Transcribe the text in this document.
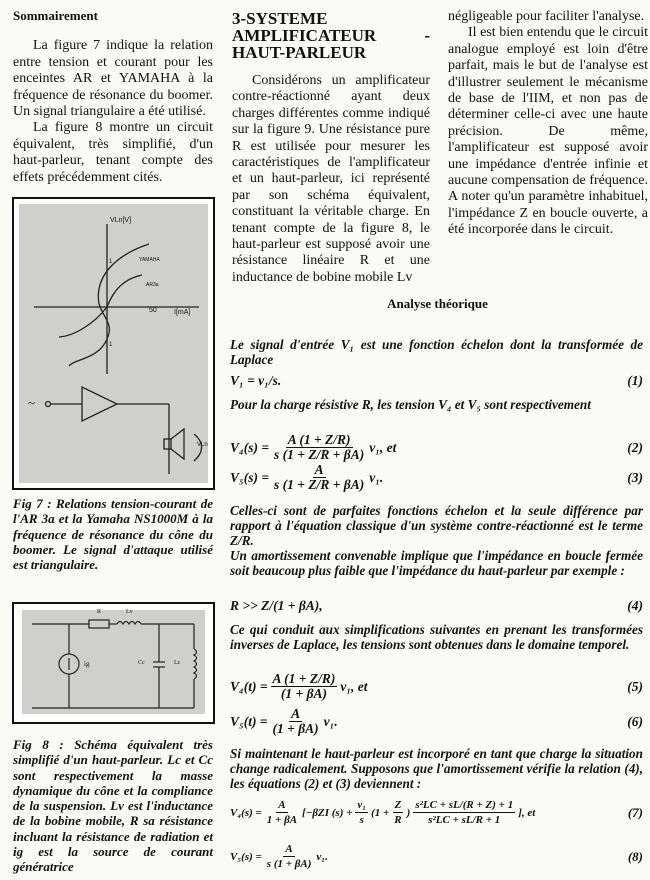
Sommairement

La figure 7 indique la relation entre tension et courant pour les enceintes AR et YAMAHA à la fréquence de résonance du boomer. Un signal triangulaire a été utilisé.

La figure 8 montre un circuit équivalent, très simplifié, d'un haut-parleur, tenant compte des effets précédemment cités.

VLn[V]
I[mA]
50
1
1
YAMAHA
AR3a
~
VLn
Fig 7 : Relations tension-courant de l'AR 3a et la Yamaha NS1000M à la fréquence de résonance du cône du boomer. Le signal d'attaque utilisé est triangulaire.
R	Lv
ig	Cc	Lc
Fig 8 : Schéma équivalent très simplifié d'un haut-parleur. Lc et Cc sont respectivement la masse dynamique du cône et la compliance de la suspension. Lv est l'inductance de la bobine mobile, R sa résistance incluant la résistance de radiation et ig est la source de courant génératrice
3-SYSTEME AMPLIFICATEUR - HAUT-PARLEUR

Considérons un amplificateur contre-réactionné ayant deux charges différentes comme indiqué sur la figure 9. Une résistance pure R est utilisée pour mesurer les caractéristiques de l'amplificateur et un haut-parleur, ici représenté par son schéma équivalent, constituant la véritable charge. En tenant compte de la figure 8, le haut-parleur est supposé avoir une résistance linéaire R et une inductance de bobine mobile Lv

négligeable pour faciliter l'analyse.

Il est bien entendu que le circuit analogue employé est loin d'être parfait, mais le but de l'analyse est d'illustrer seulement le mécanisme de base de l'IIM, et non pas de déterminer celle-ci avec une haute précision. De même, l'amplificateur est supposé avoir une impédance d'entrée infinie et aucune compensation de fréquence. A noter qu'un paramètre inhabituel, l'impédance Z en boucle ouverte, a été incorporée dans le circuit.

Analyse théorique
Le signal d'entrée V₁ est une fonction échelon dont la transformée de Laplace
V₁ = v₁/s.	(1)
Pour la charge résistive R, les tension V₄ et V₅ sont respectivement
$V_4(s) = \frac{A (1 + Z/R)}{s (1 + Z/R + \beta A)} v_1$, et	(2)
$V_5(s) = \frac{A}{s (1 + Z/R + \beta A)} v_1$.	(3)
Celles-ci sont de parfaites fonctions échelon et la seule différence par rapport à l'équation classique d'un système contre-réactionné est le terme Z/R.
Un amortissement convenable implique que l'impédance en boucle fermée soit beaucoup plus faible que l'impédance du haut-parleur par exemple :
R >> Z/(1 + βA),	(4)
Ce qui conduit aux simplifications suivantes en prenant les transformées inverses de Laplace, les tensions sont obtenues dans le domaine temporel.
$V_4(t) = \frac{A (1 + Z/R)}{(1 + \beta A)} v_1$, et	(5)
$V_5(t) = \frac{A}{(1 + \beta A)} v_1$.	(6)
Si maintenant le haut-parleur est incorporé en tant que charge la situation change radicalement. Supposons que l'amortissement vérifie la relation (4), les équations (2) et (3) deviennent :
$V_4(s) = \frac{A}{1 + \beta A} [-\beta ZI$ $(s) + \frac{\text{v₁}}{s} (1 + \frac{Z}{R}$ ) $\frac{\text{s²LC + sL/(R + Z) + 1}}{\text{s²LC + sL/R + 1}}$ ], et	(7)
$V_5(s) = \frac{A}{s (1 + \beta A)} v_1$.	(8)
